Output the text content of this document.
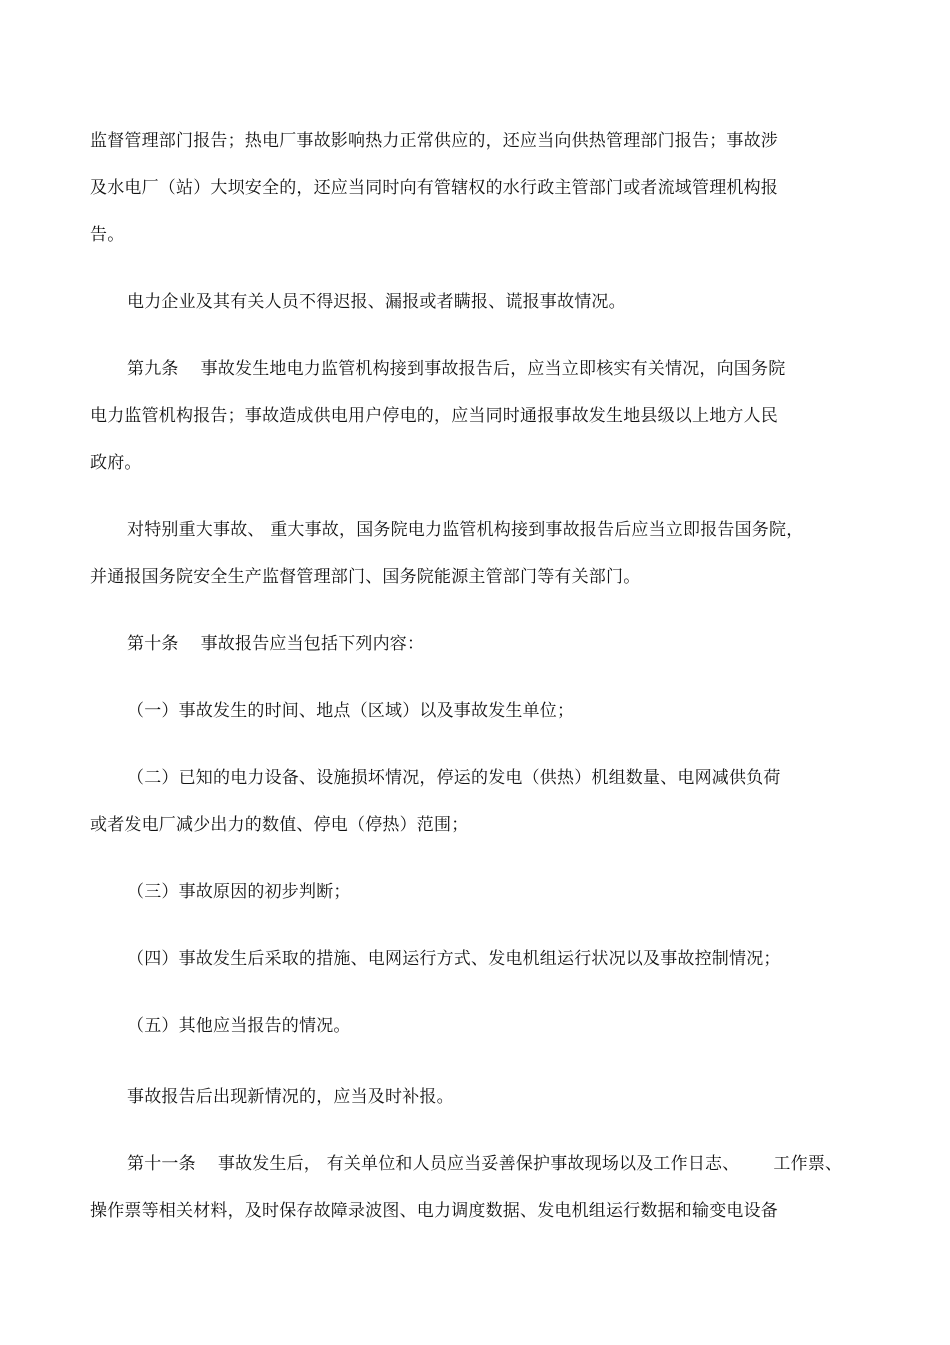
监督管理部门报告；热电厂事故影响热力正常供应的，还应当向供热管理部门报告；事故涉
及水电厂（站）大坝安全的，还应当同时向有管辖权的水行政主管部门或者流域管理机构报
告。
电力企业及其有关人员不得迟报、漏报或者瞒报、谎报事故情况。
第九条 事故发生地电力监管机构接到事故报告后，应当立即核实有关情况，向国务院
电力监管机构报告；事故造成供电用户停电的，应当同时通报事故发生地县级以上地方人民
政府。
对特别重大事故、 重大事故，国务院电力监管机构接到事故报告后应当立即报告国务院，
并通报国务院安全生产监督管理部门、国务院能源主管部门等有关部门。
第十条 事故报告应当包括下列内容：
（一）事故发生的时间、地点（区域）以及事故发生单位；
（二）已知的电力设备、设施损坏情况，停运的发电（供热）机组数量、电网减供负荷
或者发电厂减少出力的数值、停电（停热）范围；
（三）事故原因的初步判断；
（四）事故发生后采取的措施、电网运行方式、发电机组运行状况以及事故控制情况；
（五）其他应当报告的情况。
事故报告后出现新情况的，应当及时补报。
第十一条 事故发生后， 有关单位和人员应当妥善保护事故现场以及工作日志、 工作票、
操作票等相关材料，及时保存故障录波图、电力调度数据、发电机组运行数据和输变电设备
